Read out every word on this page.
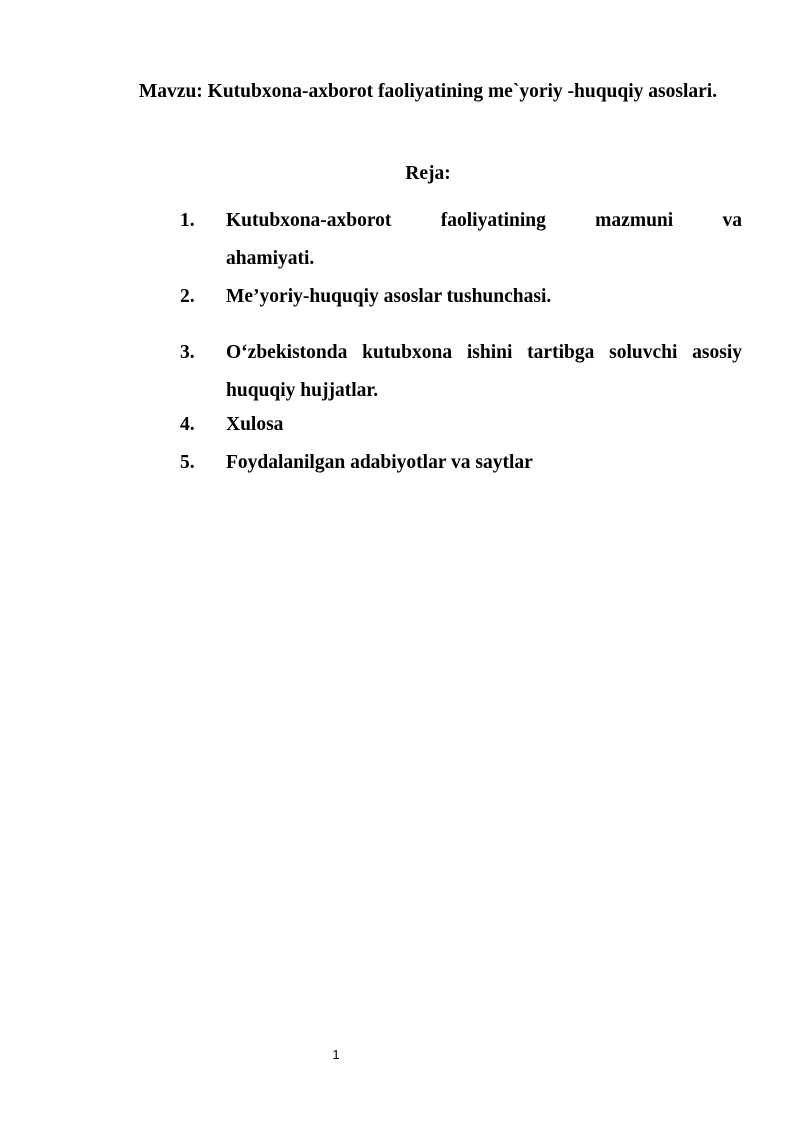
Mavzu: Kutubxona-axborot faoliyatining me`yoriy -huquqiy asoslari.
Reja:
1.	Kutubxona-axborot	faoliyatining	mazmuni	va
ahamiyati.
2.	Me’yoriy-huquqiy asoslar tushunchasi.
3.	O‘zbekistonda kutubxona ishini tartibga soluvchi asosiy huquqiy hujjatlar.
4.	Xulosa
5.	Foydalanilgan adabiyotlar va saytlar
1
